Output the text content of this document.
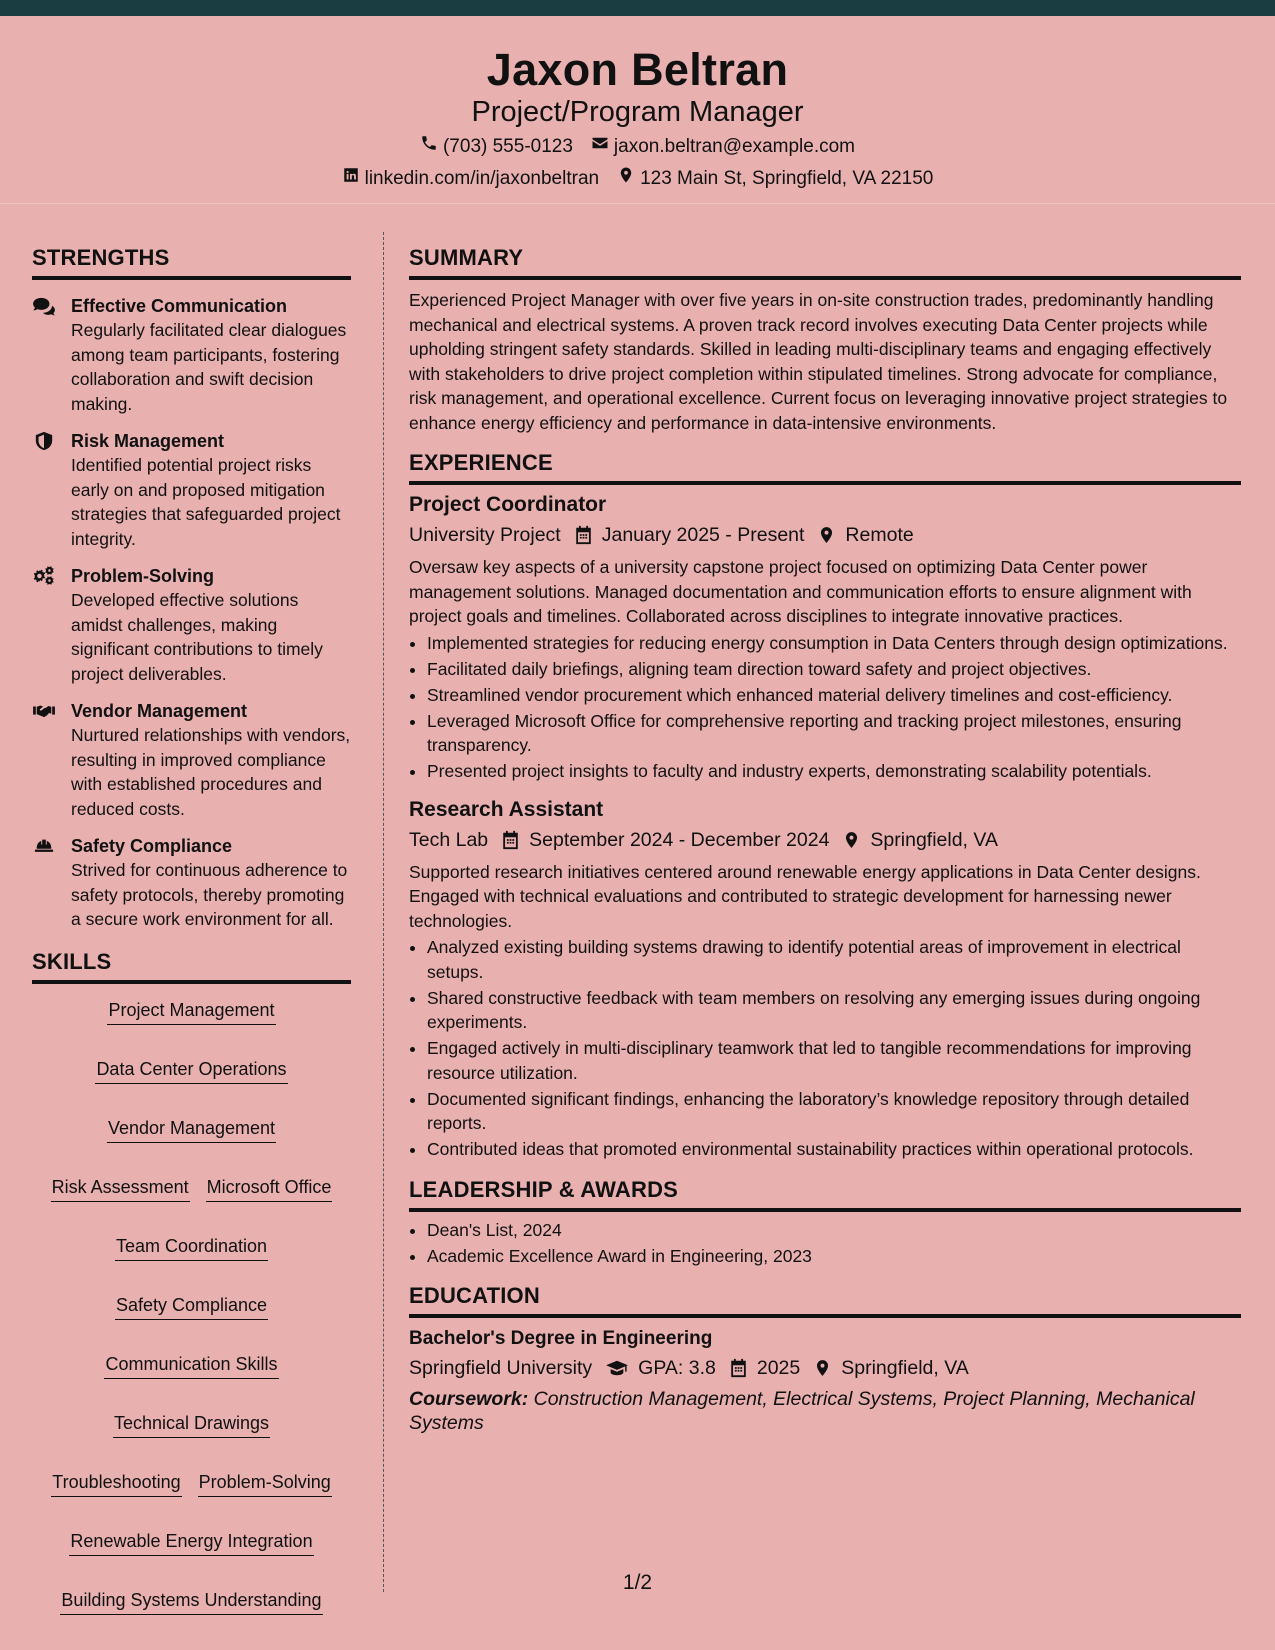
Jaxon Beltran
Project/Program Manager
(703) 555-0123 jaxon.beltran@example.com
linkedin.com/in/jaxonbeltran 123 Main St, Springfield, VA 22150
STRENGTHS
Effective Communication
Regularly facilitated clear dialogues among team participants, fostering collaboration and swift decision making.
Risk Management
Identified potential project risks early on and proposed mitigation strategies that safeguarded project integrity.
Problem-Solving
Developed effective solutions amidst challenges, making significant contributions to timely project deliverables.
Vendor Management
Nurtured relationships with vendors, resulting in improved compliance with established procedures and reduced costs.
Safety Compliance
Strived for continuous adherence to safety protocols, thereby promoting a secure work environment for all.
SKILLS
Project Management
Data Center Operations
Vendor Management
Risk Assessment Microsoft Office
Team Coordination
Safety Compliance
Communication Skills
Technical Drawings
Troubleshooting Problem-Solving
Renewable Energy Integration
Building Systems Understanding
SUMMARY

Experienced Project Manager with over five years in on-site construction trades, predominantly handling mechanical and electrical systems. A proven track record involves executing Data Center projects while upholding stringent safety standards. Skilled in leading multi-disciplinary teams and engaging effectively with stakeholders to drive project completion within stipulated timelines. Strong advocate for compliance, risk management, and operational excellence. Current focus on leveraging innovative project strategies to enhance energy efficiency and performance in data-intensive environments.

EXPERIENCE
Project Coordinator
University Project January 2025 - Present Remote

Oversaw key aspects of a university capstone project focused on optimizing Data Center power management solutions. Managed documentation and communication efforts to ensure alignment with project goals and timelines. Collaborated across disciplines to integrate innovative practices.

• Implemented strategies for reducing energy consumption in Data Centers through design optimizations.
• Facilitated daily briefings, aligning team direction toward safety and project objectives.
• Streamlined vendor procurement which enhanced material delivery timelines and cost-efficiency.
• Leveraged Microsoft Office for comprehensive reporting and tracking project milestones, ensuring transparency.
• Presented project insights to faculty and industry experts, demonstrating scalability potentials.
Research Assistant
Tech Lab September 2024 - December 2024 Springfield, VA

Supported research initiatives centered around renewable energy applications in Data Center designs. Engaged with technical evaluations and contributed to strategic development for harnessing newer technologies.

• Analyzed existing building systems drawing to identify potential areas of improvement in electrical setups.
• Shared constructive feedback with team members on resolving any emerging issues during ongoing experiments.
• Engaged actively in multi-disciplinary teamwork that led to tangible recommendations for improving resource utilization.
• Documented significant findings, enhancing the laboratory’s knowledge repository through detailed reports.
• Contributed ideas that promoted environmental sustainability practices within operational protocols.
LEADERSHIP & AWARDS
• Dean's List, 2024
• Academic Excellence Award in Engineering, 2023
EDUCATION
Bachelor's Degree in Engineering
Springfield University GPA: 3.8 2025 Springfield, VA
Coursework: Construction Management, Electrical Systems, Project Planning, Mechanical Systems
1/2
